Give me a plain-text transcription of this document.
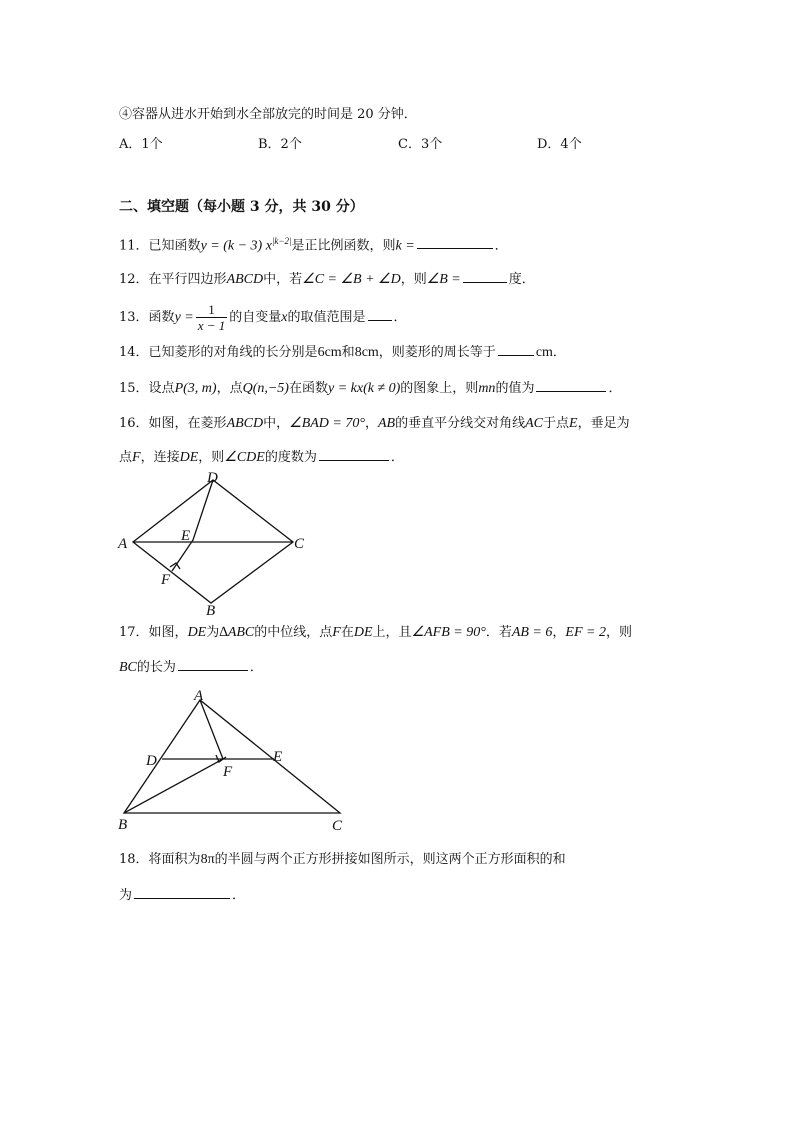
④容器从进水开始到水全部放完的时间是 20 分钟．
A．1个	B．2个	C．3个	D．4个
二、填空题（每小题 3 分，共 30 分）
11．已知函数y = (k − 3) $x^{|k-2|}$是正比例函数，则k =	．
12．在平行四边形ABCD中，若∠C = ∠B + ∠D，则∠B =	度．
13．函数$y = \frac{1}{x - 1}$ 的自变量x的取值范围是 ．
14．已知菱形的对角线的长分别是6cm和8cm，则菱形的周长等于	cm．
15．设点P(3, m)，点Q(n,−5)在函数y = kx(k ≠ 0)的图象上，则mn的值为	．
16．如图，在菱形ABCD中，∠BAD = 70°，AB的垂直平分线交对角线AC于点E，垂足为
点F，连接DE，则∠CDE的度数为	．
A
B
C
D
E
F
17．如图，DE为∆ABC的中位线，点F在DE上，且∠AFB = 90°．若AB = 6，EF = 2，则
BC的长为	．
A
B	C
D	E
F
18．将面积为8π的半圆与两个正方形拼接如图所示，则这两个正方形面积的和
为	．
